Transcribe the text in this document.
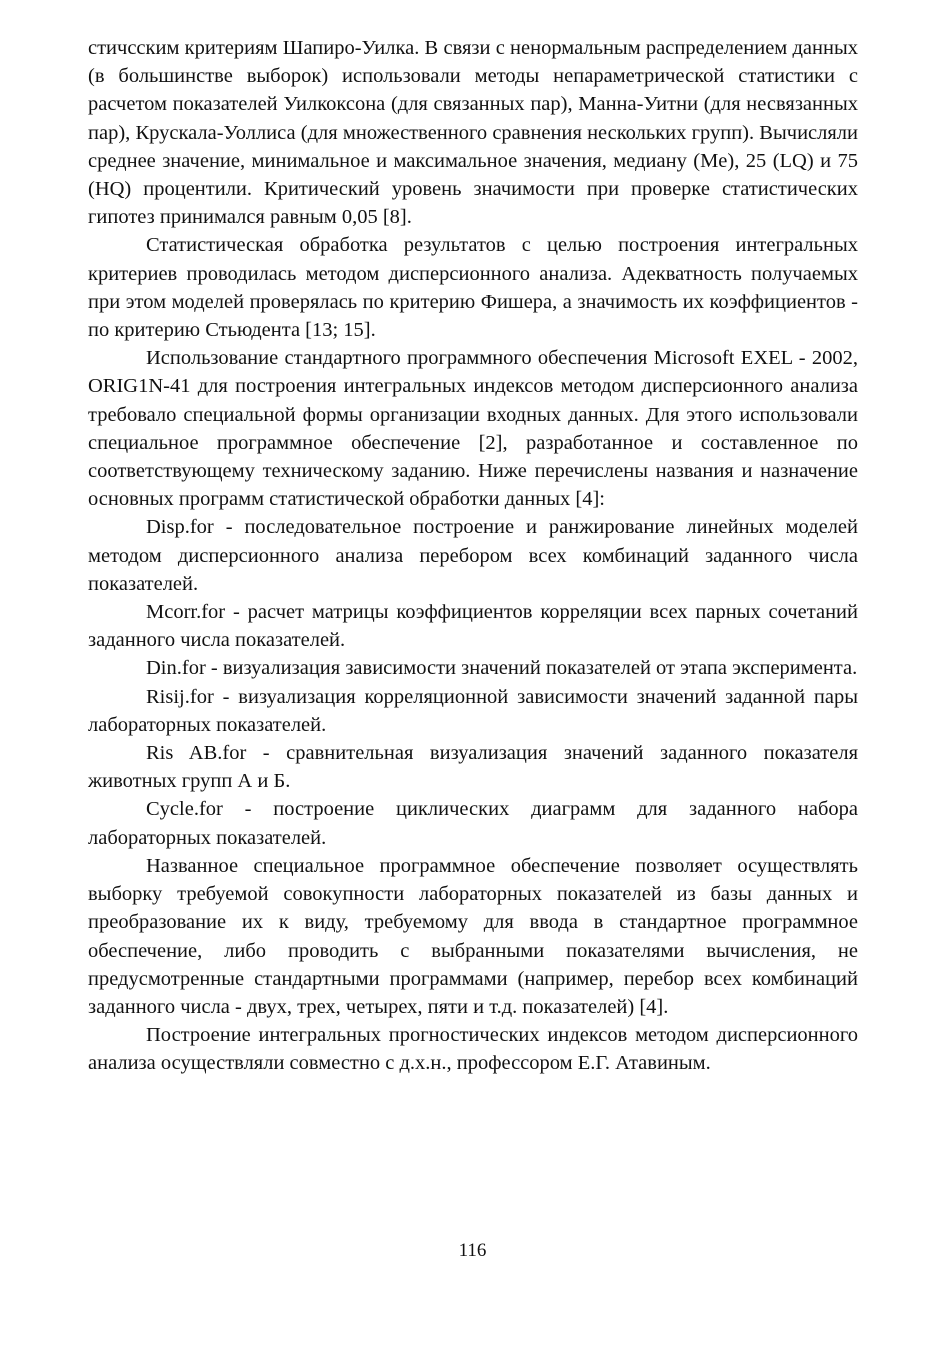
стичсским критериям Шапиро-Уилка. В связи с ненормальным распределением данных (в большинстве выборок) использовали методы непараметрической статистики с расчетом показателей Уилкоксона (для связанных пар), Манна-Уитни (для несвязанных пар), Крускала-Уоллиса (для множественного сравнения нескольких групп). Вычисляли среднее значение, минимальное и максимальное значения, медиану (Me), 25 (LQ) и 75 (HQ) процентили. Критический уровень значимости при проверке статистических гипотез принимался равным 0,05 [8].

Статистическая обработка результатов с целью построения интегральных критериев проводилась методом дисперсионного анализа. Адекватность получаемых при этом моделей проверялась по критерию Фишера, а значимость их коэффициентов - по критерию Стьюдента [13; 15].

Использование стандартного программного обеспечения Microsoft EXEL - 2002, ORIG1N-41 для построения интегральных индексов методом дисперсионного анализа требовало специальной формы организации входных данных. Для этого использовали специальное программное обеспечение [2], разработанное и составленное по соответствующему техническому заданию. Ниже перечислены названия и назначение основных программ статистической обработки данных [4]:

Disp.for - последовательное построение и ранжирование линейных моделей методом дисперсионного анализа перебором всех комбинаций заданного числа показателей.

Mcorr.for - расчет матрицы коэффициентов корреляции всех парных сочетаний заданного числа показателей.

Din.for - визуализация зависимости значений показателей от этапа эксперимента.

Risij.for - визуализация корреляционной зависимости значений заданной пары лабораторных показателей.

Ris AB.for - сравнительная визуализация значений заданного показателя животных групп А и Б.

Cycle.for - построение циклических диаграмм для заданного набора лабораторных показателей.

Названное специальное программное обеспечение позволяет осуществлять выборку требуемой совокупности лабораторных показателей из базы данных и преобразование их к виду, требуемому для ввода в стандартное программное обеспечение, либо проводить с выбранными показателями вычисления, не предусмотренные стандартными программами (например, перебор всех комбинаций заданного числа - двух, трех, четырех, пяти и т.д. показателей) [4].

Построение интегральных прогностических индексов методом дисперсионного анализа осуществляли совместно с д.х.н., профессором Е.Г. Атавиным.

116
